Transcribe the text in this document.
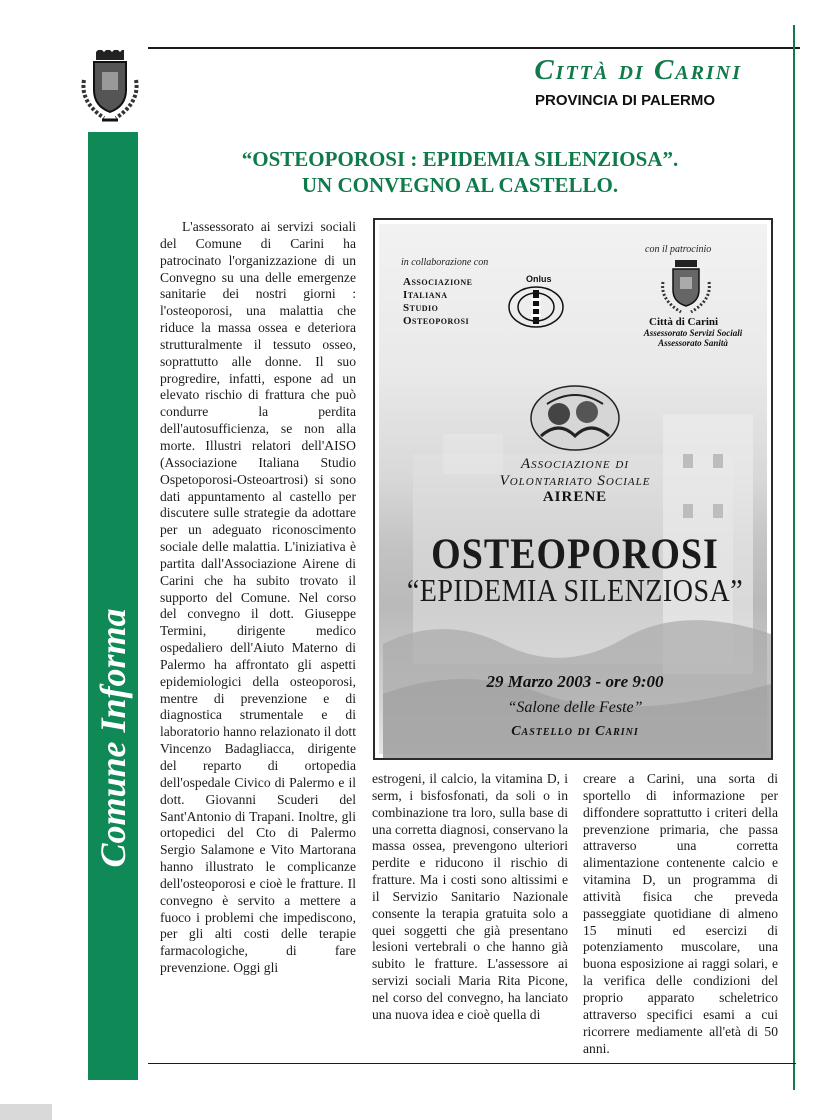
Comune Informa
Città di Carini
PROVINCIA DI PALERMO
“OSTEOPOROSI : EPIDEMIA SILENZIOSA”.
UN CONVEGNO AL CASTELLO.
L'assessorato ai servizi sociali del Comune di Carini ha patrocinato l'organizzazione di un Convegno su una delle emergenze sanitarie dei nostri giorni : l'osteoporosi, una malattia che riduce la massa ossea e deteriora strutturalmente il tessuto osseo, soprattutto alle donne. Il suo progredire, infatti, espone ad un elevato rischio di frattura che può condurre la perdita dell'autosufficienza, se non alla morte. Illustri relatori dell'AISO (Associazione Italiana Studio Ospetoporosi-Osteoartrosi) si sono dati appuntamento al castello per discutere sulle strategie da adottare per un adeguato riconoscimento sociale delle malattia. L'iniziativa è partita dall'Associazione Airene di Carini che ha subito trovato il supporto del Comune. Nel corso del convegno il dott. Giuseppe Termini, dirigente medico ospedaliero dell'Aiuto Materno di Palermo ha affrontato gli aspetti epidemiologici della osteoporosi, mentre di prevenzione e di diagnostica strumentale e di laboratorio hanno relazionato il dott Vincenzo Badagliacca, dirigente del reparto di ortopedia dell'ospedale Civico di Palermo e il dott. Giovanni Scuderi del Sant'Antonio di Trapani. Inoltre, gli ortopedici del Cto di Palermo Sergio Salamone e Vito Martorana hanno illustrato le complicanze dell'osteoporosi e cioè le fratture. Il convegno è servito a mettere a fuoco i problemi che impediscono, per gli alti costi delle terapie farmacologiche, di fare prevenzione. Oggi gli
in collaborazione con
Associazione
Italiana
Studio
Osteoporosi
Onlus
con il patrocinio
Città di Carini
Assessorato Servizi Sociali
Assessorato Sanità
Associazione di
Volontariato Sociale
AIRENE
OSTEOPOROSI
“EPIDEMIA SILENZIOSA”
29 Marzo 2003 - ore 9:00
“Salone delle Feste”
Castello di Carini
estrogeni, il calcio, la vitamina D, i serm, i bisfosfonati, da soli o in combinazione tra loro, sulla base di una corretta diagnosi, conservano la massa ossea, prevengono ulteriori perdite e riducono il rischio di fratture. Ma i costi sono altissimi e il Servizio Sanitario Nazionale consente la terapia gratuita solo a quei soggetti che già presentano lesioni vertebrali o che hanno già subito le fratture. L'assessore ai servizi sociali Maria Rita Picone, nel corso del convegno, ha lanciato una nuova idea e cioè quella di
creare a Carini, una sorta di sportello di informazione per diffondere soprattutto i criteri della prevenzione primaria, che passa attraverso una corretta alimentazione contenente calcio e vitamina D, un programma di attività fisica che preveda passeggiate quotidiane di almeno 15 minuti ed esercizi di potenziamento muscolare, una buona esposizione ai raggi solari, e la verifica delle condizioni del proprio apparato scheletrico attraverso specifici esami a cui ricorrere mediamente all'età di 50 anni.
